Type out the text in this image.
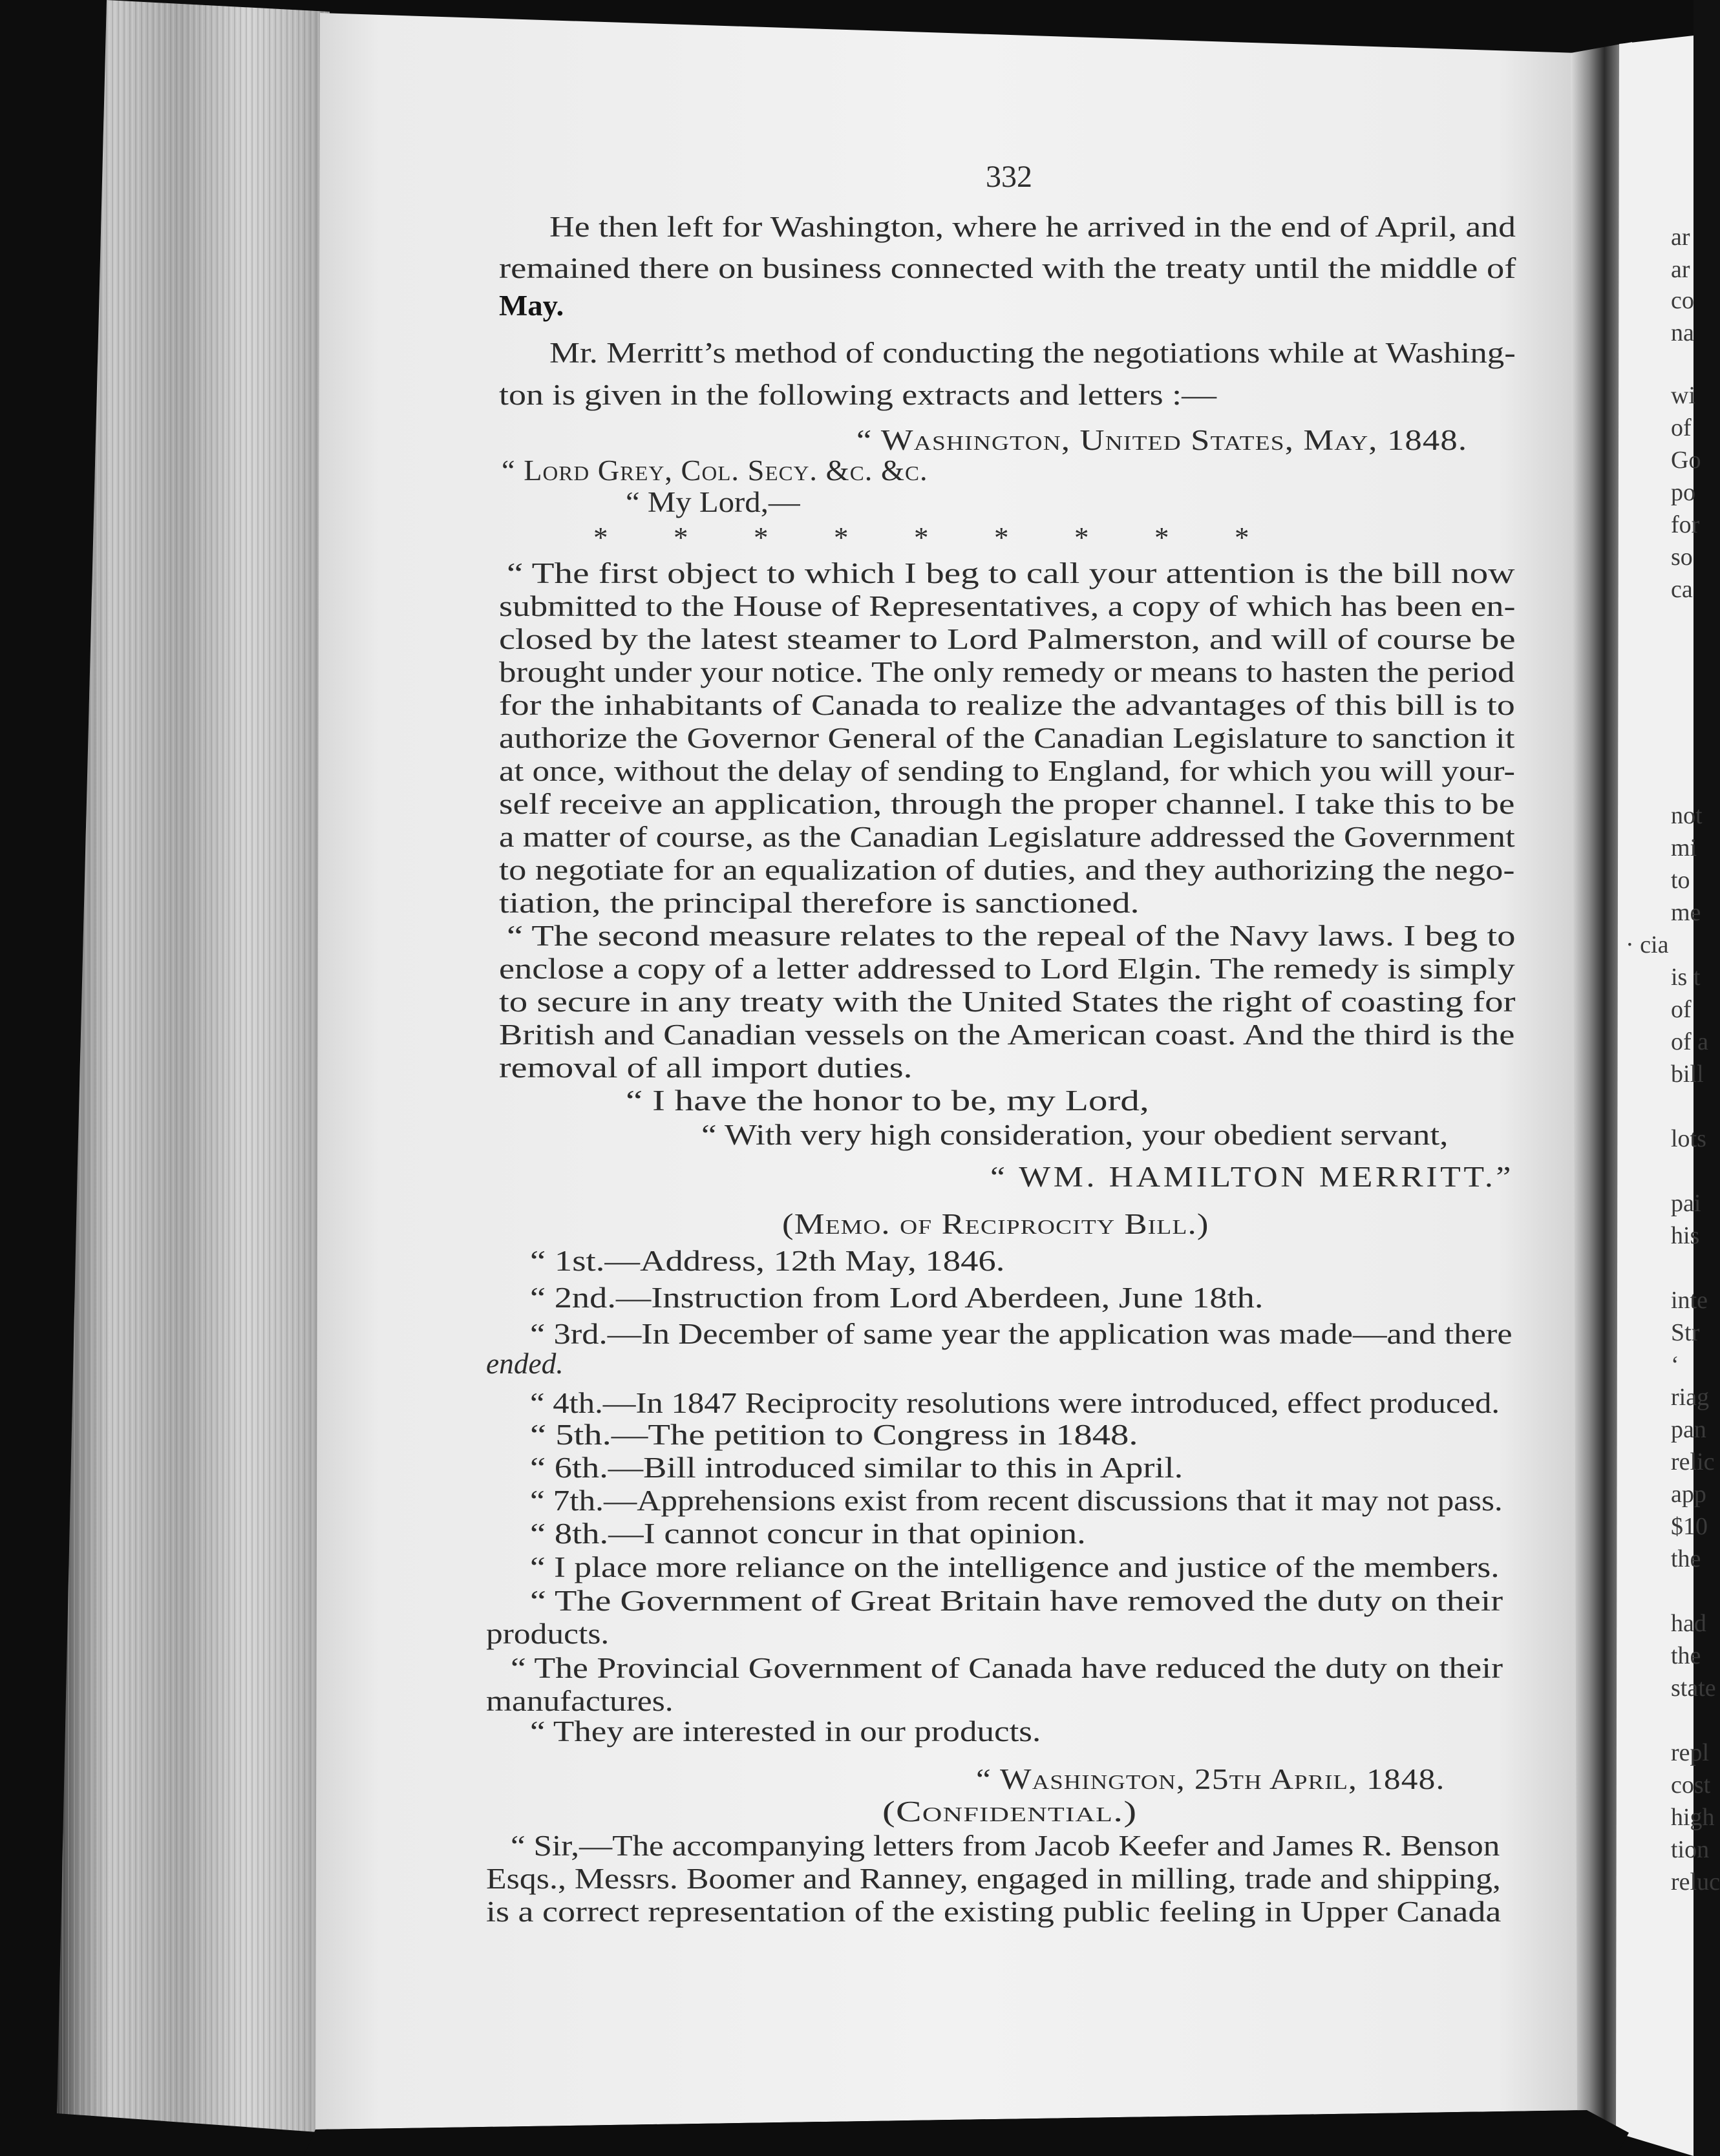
332
He then left for Washington, where he arrived in the end of April, and
remained there on business connected with the treaty until the middle of
May.
Mr. Merritt’s method of conducting the negotiations while at Washing-
ton is given in the following extracts and letters :—
“ Washington, United States, May, 1848.
“ Lord Grey, Col. Secy. &c. &c.
“ My Lord,—
“ The first object to which I beg to call your attention is the bill now
submitted to the House of Representatives, a copy of which has been en-
closed by the latest steamer to Lord Palmerston, and will of course be
brought under your notice. The only remedy or means to hasten the period
for the inhabitants of Canada to realize the advantages of this bill is to
authorize the Governor General of the Canadian Legislature to sanction it
at once, without the delay of sending to England, for which you will your-
self receive an application, through the proper channel. I take this to be
a matter of course, as the Canadian Legislature addressed the Government
to negotiate for an equalization of duties, and they authorizing the nego-
tiation, the principal therefore is sanctioned.
“ The second measure relates to the repeal of the Navy laws. I beg to
enclose a copy of a letter addressed to Lord Elgin. The remedy is simply
to secure in any treaty with the United States the right of coasting for
British and Canadian vessels on the American coast. And the third is the
removal of all import duties.
“ I have the honor to be, my Lord,
“ With very high consideration, your obedient servant,
“ WM. HAMILTON MERRITT.”
(Memo. of Reciprocity Bill.)
“ 1st.—Address, 12th May, 1846.
“ 2nd.—Instruction from Lord Aberdeen, June 18th.
“ 3rd.—In December of same year the application was made—and there
ended.
“ 4th.—In 1847 Reciprocity resolutions were introduced, effect produced.
“ 5th.—The petition to Congress in 1848.
“ 6th.—Bill introduced similar to this in April.
“ 7th.—Apprehensions exist from recent discussions that it may not pass.
“ 8th.—I cannot concur in that opinion.
“ I place more reliance on the intelligence and justice of the members.
“ The Government of Great Britain have removed the duty on their
products.
“ The Provincial Government of Canada have reduced the duty on their
manufactures.
“ They are interested in our products.
“ Washington, 25th April, 1848.
(Confidential.)
“ Sir,—The accompanying letters from Jacob Keefer and James R. Benson
Esqs., Messrs. Boomer and Ranney, engaged in milling, trade and shipping,
is a correct representation of the existing public feeling in Upper Canada
* * * * * * * * *
ar
ar
co
na
wi
of
Go
po
for
so
ca
not
mi
to
me
· cia
is t
of
of a
bill
lots
pai
his
inte
Str
‘
riag
pan
relic
app
$10
the
had
the
state
repl
cost
high
tion
reluc
